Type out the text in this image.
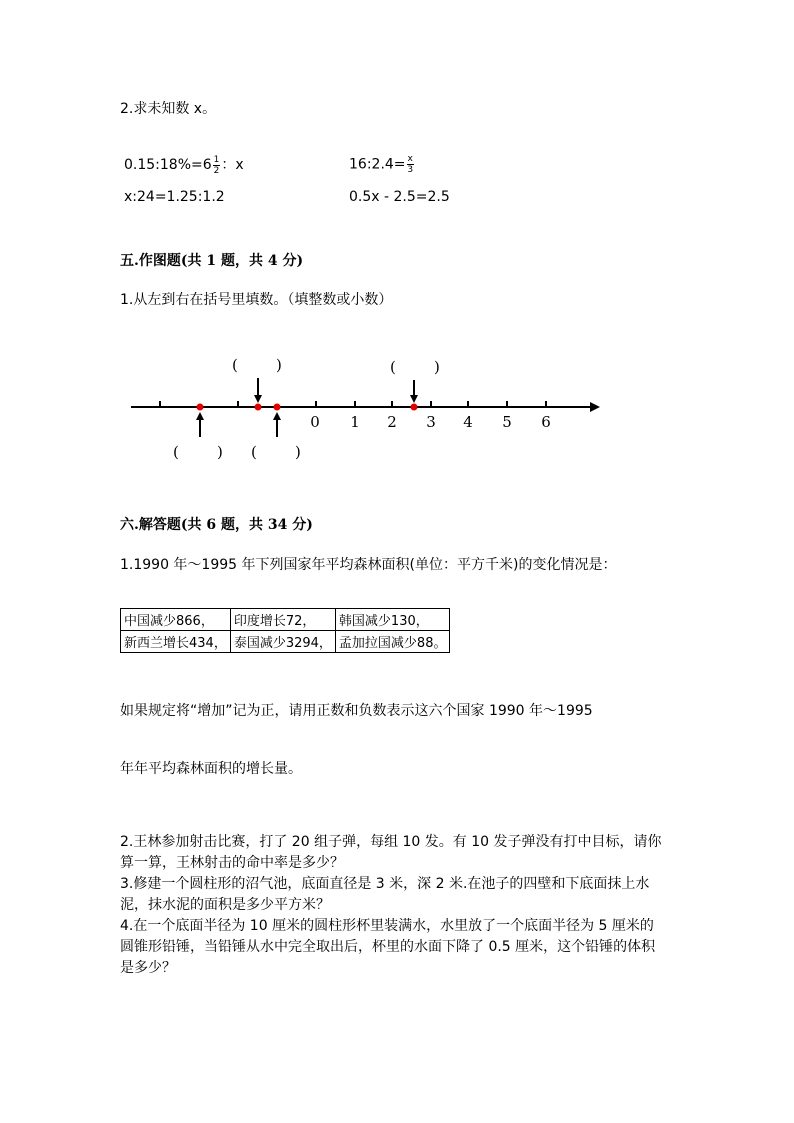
2.求未知数 x。
0.15:18%=6 $\frac{1}{2}$ ：x	16:2.4= $\frac{x}{3}$
x:24=1.25:1.2	0.5x - 2.5=2.5
五.作图题(共 1 题，共 4 分)
1.从左到右在括号里填数。（填整数或小数）
0 1 2 3 4 5 6
(        )	(        )
(        ) (        )
六.解答题(共 6 题，共 34 分)
1.1990 年～1995 年下列国家年平均森林面积(单位：平方千米)的变化情况是：
中国减少866，	印度增长72，	韩国减少130，
新西兰增长434，	泰国减少3294，	孟加拉国减少88。
如果规定将“增加”记为正，请用正数和负数表示这六个国家 1990 年～1995
年年平均森林面积的增长量。
2.王林参加射击比赛，打了 20 组子弹，每组 10 发。有 10 发子弹没有打中目标，请你算一算，王林射击的命中率是多少？
3.修建一个圆柱形的沼气池，底面直径是 3 米，深 2 米.在池子的四壁和下底面抹上水泥，抹水泥的面积是多少平方米？
4.在一个底面半径为 10 厘米的圆柱形杯里装满水，水里放了一个底面半径为 5 厘米的圆锥形铅锤，当铅锤从水中完全取出后，杯里的水面下降了 0.5 厘米，这个铅锤的体积是多少？
